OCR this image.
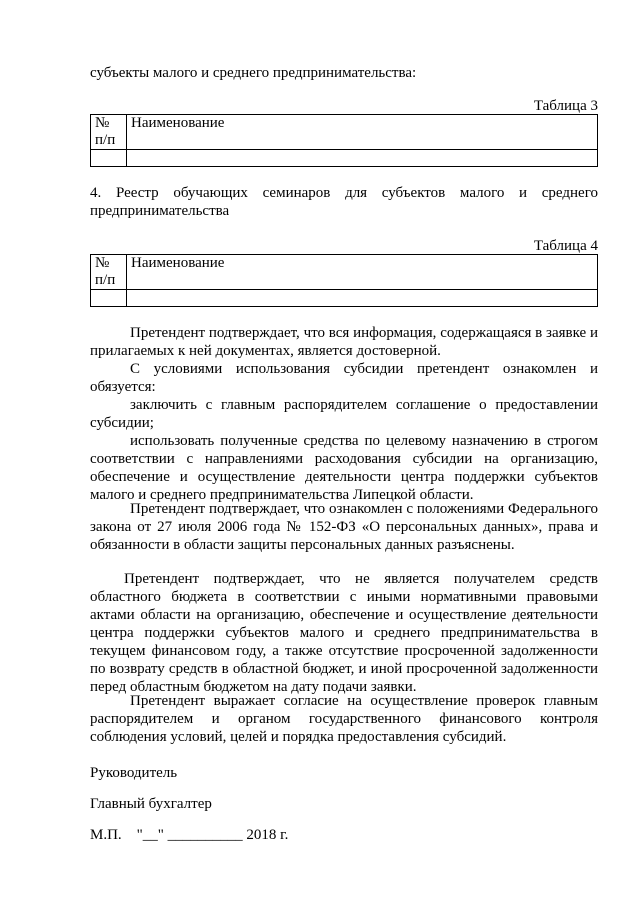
субъекты малого и среднего предпринимательства:
Таблица 3
№
п/п	Наименование

4. Реестр обучающих семинаров для субъектов малого и среднего предпринимательства
Таблица 4
№
п/п	Наименование

Претендент подтверждает, что вся информация, содержащаяся в заявке и прилагаемых к ней документах, является достоверной.
С условиями использования субсидии претендент ознакомлен и обязуется:
заключить с главным распорядителем соглашение о предоставлении субсидии;
использовать полученные средства по целевому назначению в строгом соответствии с направлениями расходования субсидии на организацию, обеспечение и осуществление деятельности центра поддержки субъектов малого и среднего предпринимательства Липецкой области.
Претендент подтверждает, что ознакомлен с положениями Федерального закона от 27 июля 2006 года № 152-ФЗ «О персональных данных», права и обязанности в области защиты персональных данных разъяснены.
Претендент подтверждает, что не является получателем средств областного бюджета в соответствии с иными нормативными правовыми актами области на организацию, обеспечение и осуществление деятельности центра поддержки субъектов малого и среднего предпринимательства в текущем финансовом году, а также отсутствие просроченной задолженности по возврату средств в областной бюджет, и иной просроченной задолженности перед областным бюджетом на дату подачи заявки.
Претендент выражает согласие на осуществление проверок главным распорядителем и органом государственного финансового контроля соблюдения условий, целей и порядка предоставления субсидий.
Руководитель
Главный бухгалтер
М.П.    "__" __________ 2018 г.
